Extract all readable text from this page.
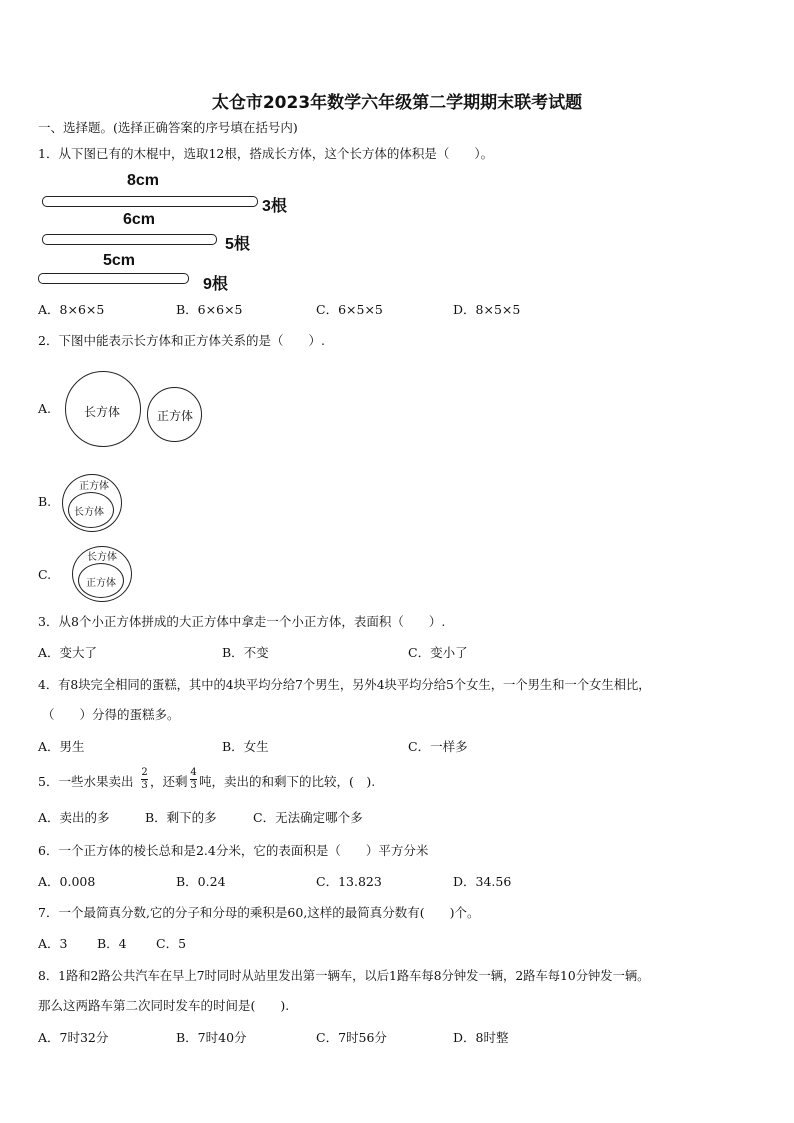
太仓市2023年数学六年级第二学期期末联考试题
一、选择题。(选择正确答案的序号填在括号内)
1．从下图已有的木棍中，选取12根，搭成长方体，这个长方体的体积是（　　）。
8cm
3根
6cm
5根
5cm
9根
A．8×6×5	B．6×6×5	C．6×5×5	D．8×5×5
2．下图中能表示长方体和正方体关系的是（　　）.
A.	长方体	正方体
B.
正方体
长方体
C.
长方体
正方体
3．从8个小正方体拼成的大正方体中拿走一个小正方体，表面积（　　）.
A．变大了	B．不变	C．变小了
4．有8块完全相同的蛋糕，其中的4块平均分给7个男生，另外4块平均分给5个女生，一个男生和一个女生相比，
（　　）分得的蛋糕多。
A．男生	B．女生	C．一样多
5．一些水果卖出
2
3 ，还剩
4
3 吨，卖出的和剩下的比较，(　).
A．卖出的多	B．剩下的多	C．无法确定哪个多
6．一个正方体的棱长总和是2.4分米，它的表面积是（　　）平方分米
A．0.008	B．0.24	C．13.823	D．34.56
7．一个最简真分数,它的分子和分母的乘积是60,这样的最简真分数有(　　)个。
A．3 B．4 C．5
8．1路和2路公共汽车在早上7时同时从站里发出第一辆车，以后1路车每8分钟发一辆，2路车每10分钟发一辆。
那么这两路车第二次同时发车的时间是(　　).
A．7时32分	B．7时40分	C．7时56分	D．8时整
